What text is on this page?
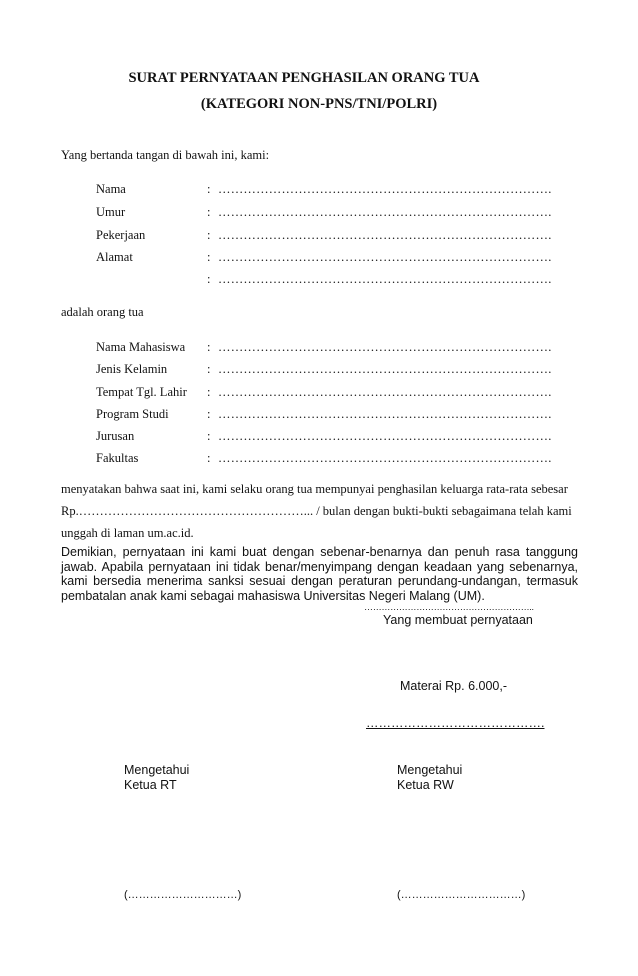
SURAT PERNYATAAN PENGHASILAN ORANG TUA
(KATEGORI NON-PNS/TNI/POLRI)
Yang bertanda tangan di bawah ini, kami:
Nama	: …………………………………………………………………….
Umur	: …………………………………………………………………….
Pekerjaan	: …………………………………………………………………….
Alamat	: …………………………………………………………………….
: …………………………………………………………………….
adalah orang tua
Nama Mahasiswa : …………………………………………………………………….
Jenis Kelamin	: …………………………………………………………………….
Tempat Tgl. Lahir : …………………………………………………………………….
Program Studi	: …………………………………………………………………….
Jurusan	: …………………………………………………………………….
Fakultas	: …………………………………………………………………….
menyatakan bahwa saat ini, kami selaku orang tua mempunyai penghasilan keluarga rata-rata sebesar
Rp.………………………………………………... / bulan dengan bukti-bukti sebagaimana telah kami
unggah di laman um.ac.id.
Demikian, pernyataan ini kami buat dengan sebenar-benarnya dan penuh rasa tanggung jawab. Apabila pernyataan ini tidak benar/menyimpang dengan keadaan yang sebenarnya, kami bersedia menerima sanksi sesuai dengan peraturan perundang-undangan, termasuk pembatalan anak kami sebagai mahasiswa Universitas Negeri Malang (UM).
…………………………………………………..
Yang membuat pernyataan
Materai Rp. 6.000,-
…………………………………….
Mengetahui
Ketua RT
(…………………………)
Mengetahui
Ketua RW
(……………………………)
